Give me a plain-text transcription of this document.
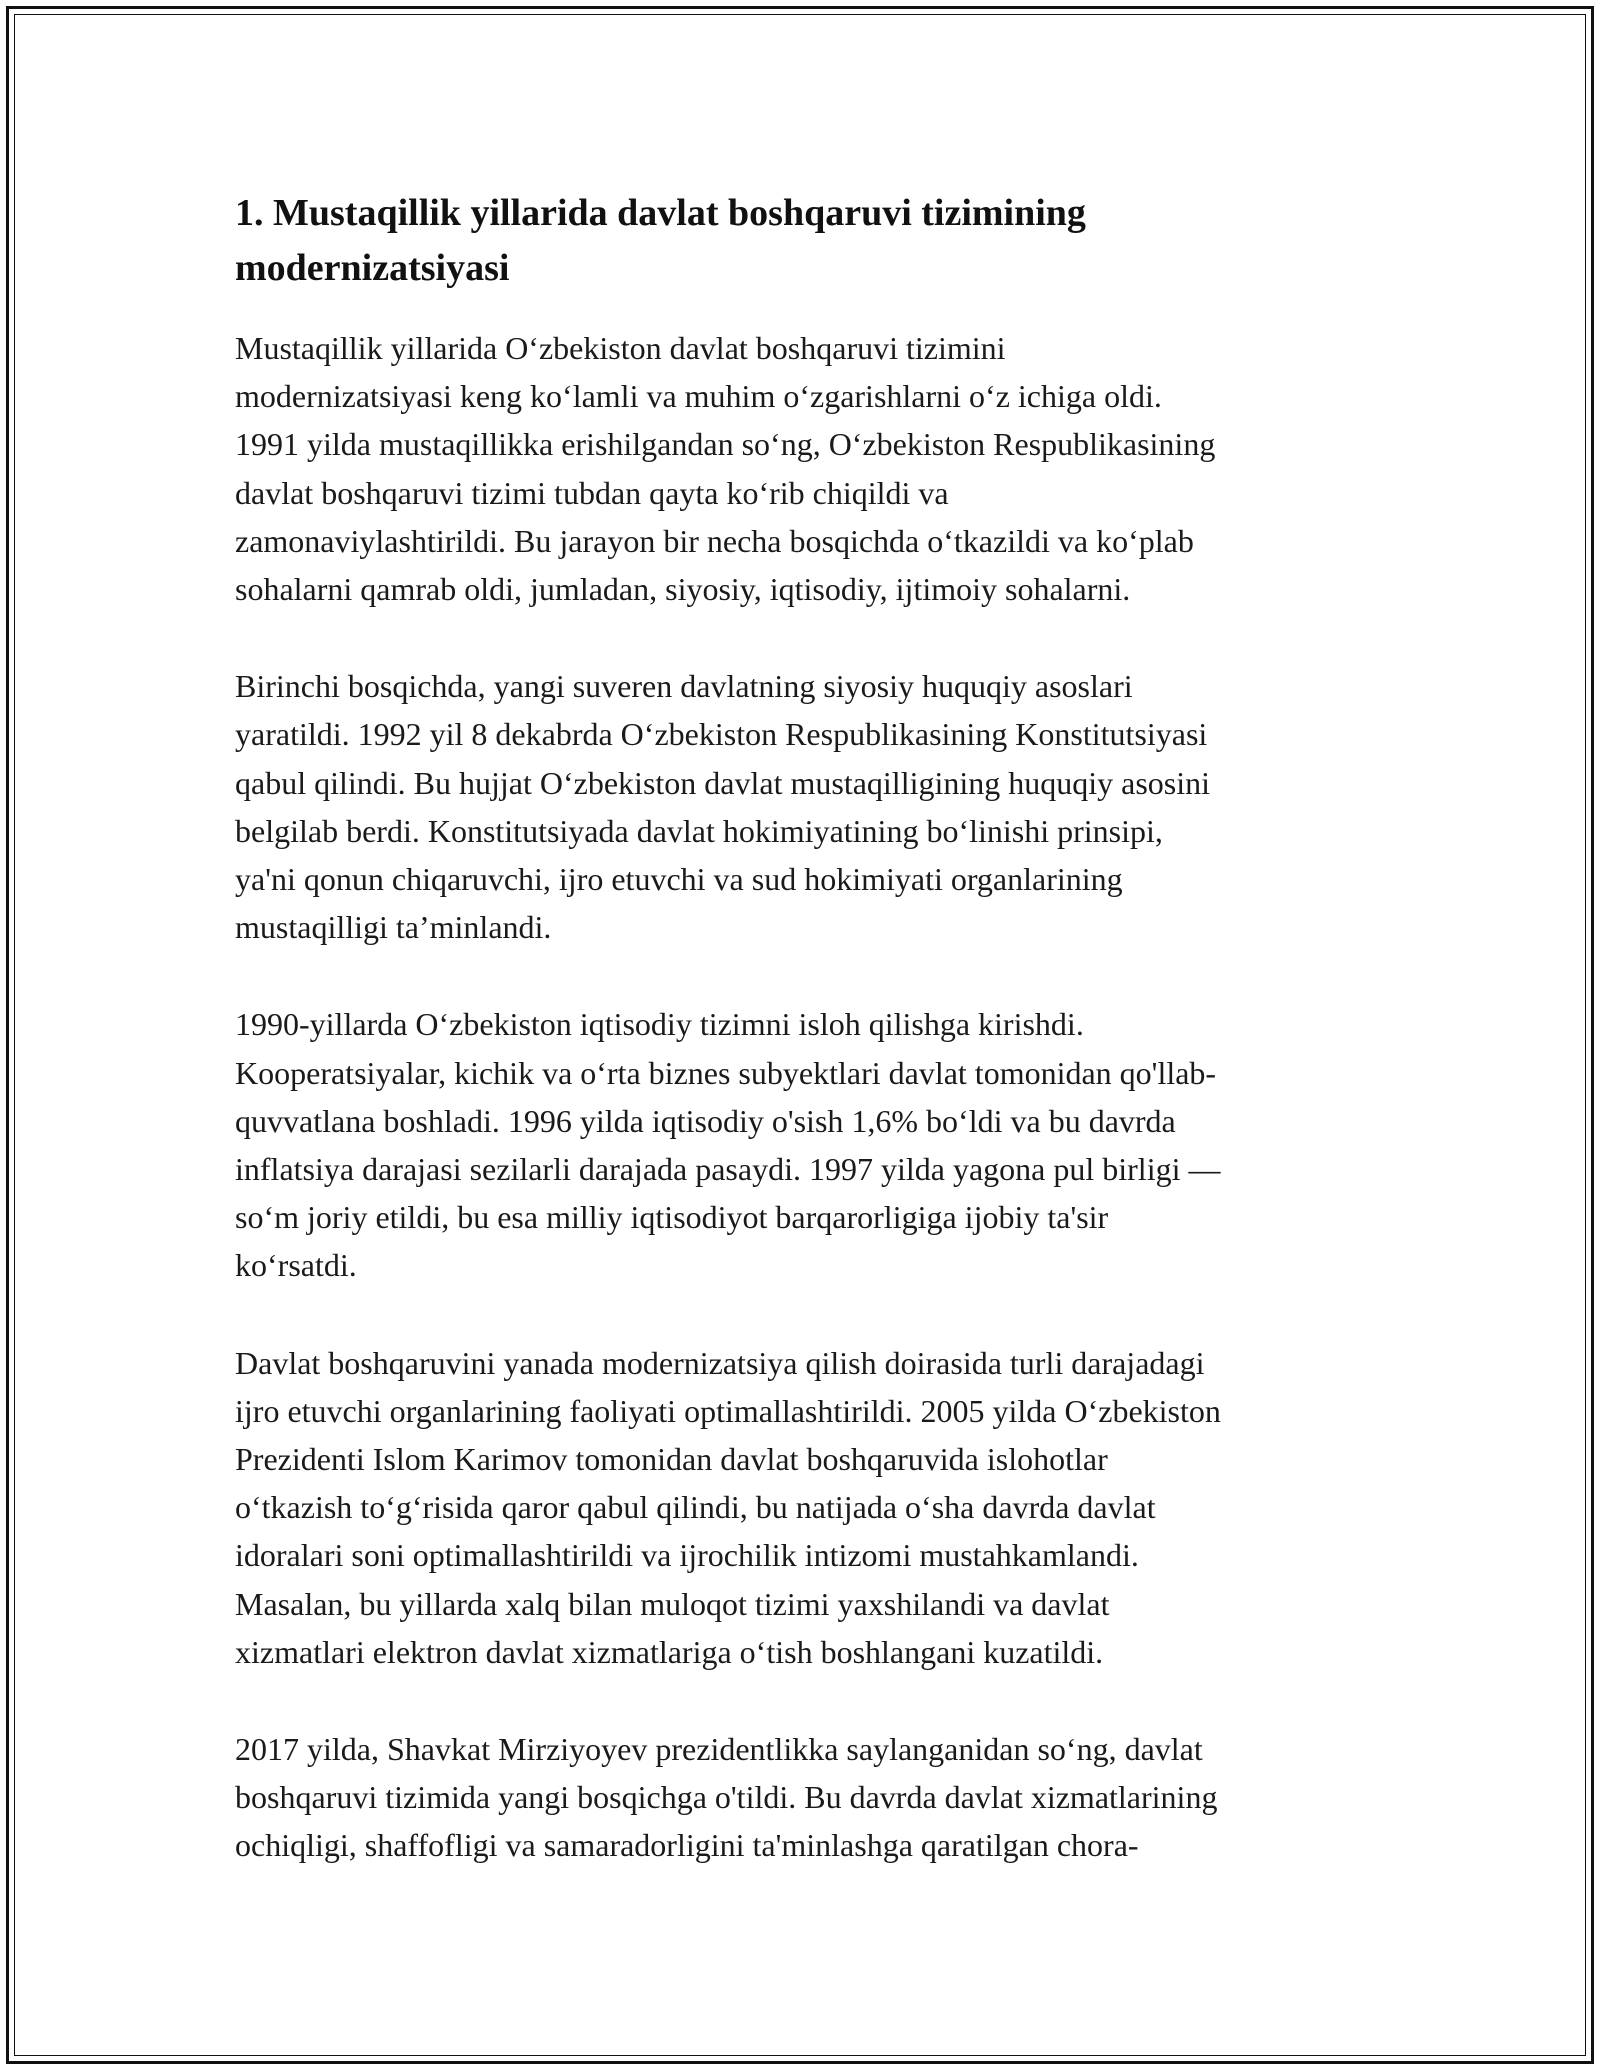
1. Mustaqillik yillarida davlat boshqaruvi tizimining
modernizatsiyasi
Mustaqillik yillarida O‘zbekiston davlat boshqaruvi tizimini
modernizatsiyasi keng ko‘lamli va muhim o‘zgarishlarni o‘z ichiga oldi.
1991 yilda mustaqillikka erishilgandan so‘ng, O‘zbekiston Respublikasining
davlat boshqaruvi tizimi tubdan qayta ko‘rib chiqildi va
zamonaviylashtirildi. Bu jarayon bir necha bosqichda o‘tkazildi va ko‘plab
sohalarni qamrab oldi, jumladan, siyosiy, iqtisodiy, ijtimoiy sohalarni.
Birinchi bosqichda, yangi suveren davlatning siyosiy huquqiy asoslari
yaratildi. 1992 yil 8 dekabrda O‘zbekiston Respublikasining Konstitutsiyasi
qabul qilindi. Bu hujjat O‘zbekiston davlat mustaqilligining huquqiy asosini
belgilab berdi. Konstitutsiyada davlat hokimiyatining bo‘linishi prinsipi,
ya'ni qonun chiqaruvchi, ijro etuvchi va sud hokimiyati organlarining
mustaqilligi ta’minlandi.
1990-yillarda O‘zbekiston iqtisodiy tizimni isloh qilishga kirishdi.
Kooperatsiyalar, kichik va o‘rta biznes subyektlari davlat tomonidan qo'llab-
quvvatlana boshladi. 1996 yilda iqtisodiy o'sish 1,6% bo‘ldi va bu davrda
inflatsiya darajasi sezilarli darajada pasaydi. 1997 yilda yagona pul birligi —
so‘m joriy etildi, bu esa milliy iqtisodiyot barqarorligiga ijobiy ta'sir
ko‘rsatdi.
Davlat boshqaruvini yanada modernizatsiya qilish doirasida turli darajadagi
ijro etuvchi organlarining faoliyati optimallashtirildi. 2005 yilda O‘zbekiston
Prezidenti Islom Karimov tomonidan davlat boshqaruvida islohotlar
o‘tkazish to‘g‘risida qaror qabul qilindi, bu natijada o‘sha davrda davlat
idoralari soni optimallashtirildi va ijrochilik intizomi mustahkamlandi.
Masalan, bu yillarda xalq bilan muloqot tizimi yaxshilandi va davlat
xizmatlari elektron davlat xizmatlariga o‘tish boshlangani kuzatildi.
2017 yilda, Shavkat Mirziyoyev prezidentlikka saylanganidan so‘ng, davlat
boshqaruvi tizimida yangi bosqichga o'tildi. Bu davrda davlat xizmatlarining
ochiqligi, shaffofligi va samaradorligini ta'minlashga qaratilgan chora-
